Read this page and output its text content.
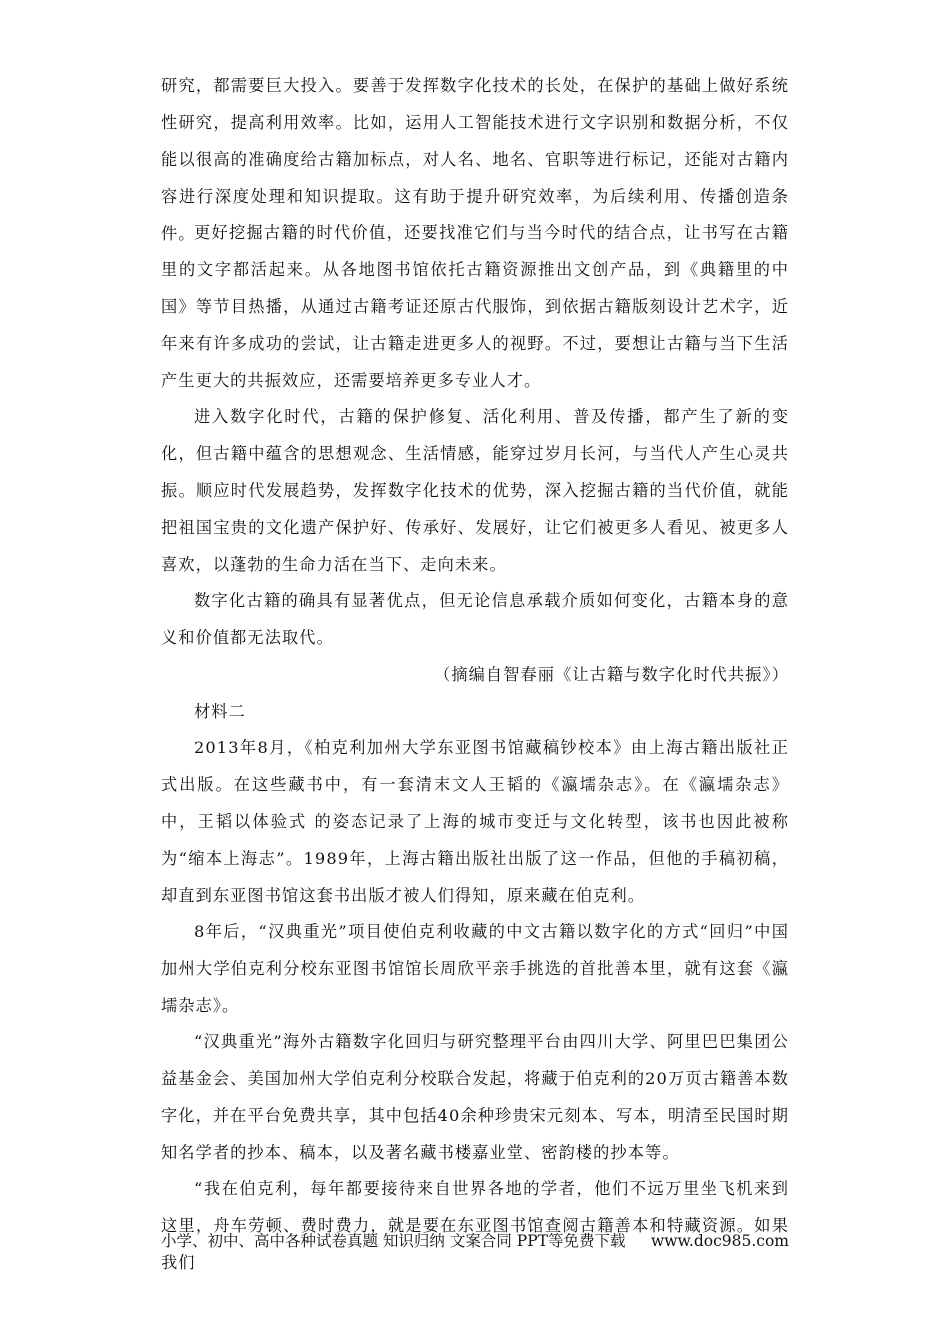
研究，都需要巨大投入。要善于发挥数字化技术的长处，在保护的基础上做好系统性研究，提高利用效率。比如，运用人工智能技术进行文字识别和数据分析，不仅能以很高的准确度给古籍加标点，对人名、地名、官职等进行标记，还能对古籍内容进行深度处理和知识提取。这有助于提升研究效率，为后续利用、传播创造条件。

更好挖掘古籍的时代价值，还要找准它们与当今时代的结合点，让书写在古籍里的文字都活起来。从各地图书馆依托古籍资源推出文创产品，到《典籍里的中国》等节目热播，从通过古籍考证还原古代服饰，到依据古籍版刻设计艺术字，近年来有许多成功的尝试，让古籍走进更多人的视野。不过，要想让古籍与当下生活产生更大的共振效应，还需要培养更多专业人才。

进入数字化时代，古籍的保护修复、活化利用、普及传播，都产生了新的变化，但古籍中蕴含的思想观念、生活情感，能穿过岁月长河，与当代人产生心灵共振。顺应时代发展趋势，发挥数字化技术的优势，深入挖掘古籍的当代价值，就能把祖国宝贵的文化遗产保护好、传承好、发展好，让它们被更多人看见、被更多人喜欢，以蓬勃的生命力活在当下、走向未来。

数字化古籍的确具有显著优点，但无论信息承载介质如何变化，古籍本身的意义和价值都无法取代。

（摘编自智春丽《让古籍与数字化时代共振》）

材料二

2013年8月，《柏克利加州大学东亚图书馆藏稿钞校本》由上海古籍出版社正式出版。在这些藏书中，有一套清末文人王韬的《瀛壖杂志》。在《瀛壖杂志》中，王韬以体验式 的姿态记录了上海的城市变迁与文化转型，该书也因此被称为“缩本上海志”。1989年，上海古籍出版社出版了这一作品，但他的手稿初稿，却直到东亚图书馆这套书出版才被人们得知，原来藏在伯克利。

8年后，“汉典重光”项目使伯克利收藏的中文古籍以数字化的方式“回归”中国加州大学伯克利分校东亚图书馆馆长周欣平亲手挑选的首批善本里，就有这套《瀛壖杂志》。

“汉典重光”海外古籍数字化回归与研究整理平台由四川大学、阿里巴巴集团公益基金会、美国加州大学伯克利分校联合发起，将藏于伯克利的20万页古籍善本数字化，并在平台免费共享，其中包括40余种珍贵宋元刻本、写本，明清至民国时期知名学者的抄本、稿本，以及著名藏书楼嘉业堂、密韵楼的抄本等。

“我在伯克利，每年都要接待来自世界各地的学者，他们不远万里坐飞机来到这里，舟车劳顿、费时费力，就是要在东亚图书馆查阅古籍善本和特藏资源。如果我们

小学、初中、高中各种试卷真题 知识归纳 文案合同 PPT等免费下载 www.doc985.com
